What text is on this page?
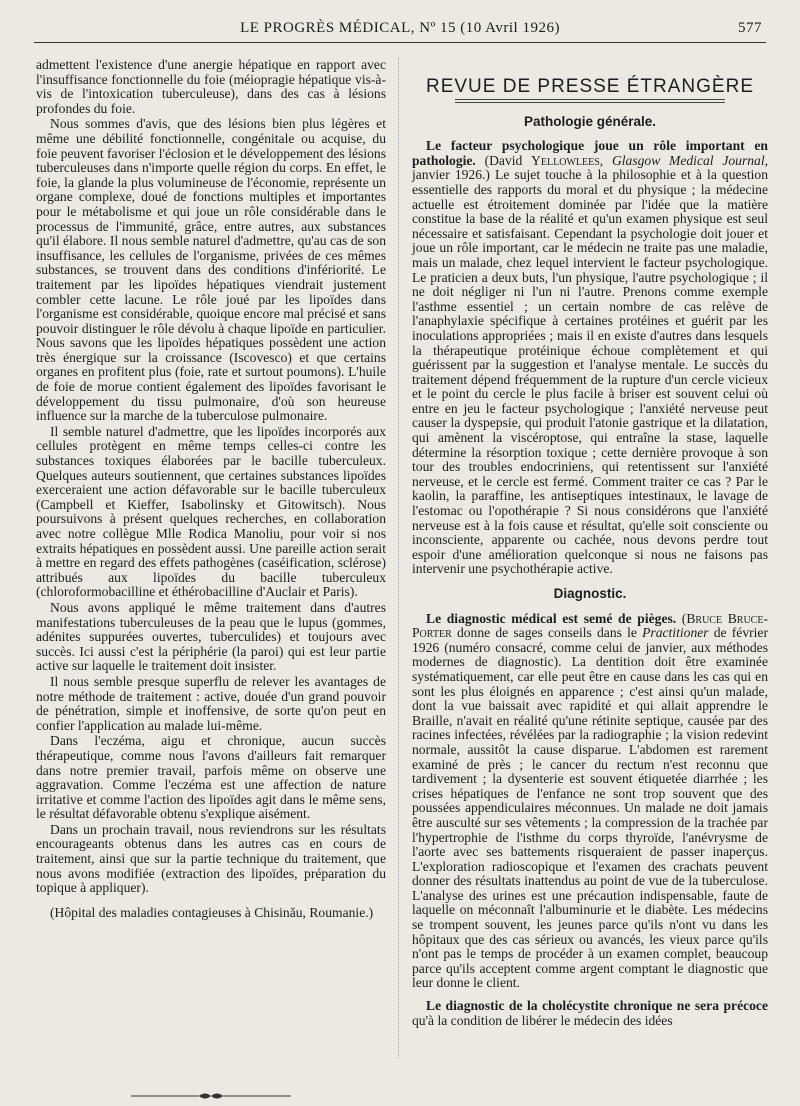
LE PROGRÈS MÉDICAL, Nº 15 (10 Avril 1926)	577

admettent l'existence d'une anergie hépatique en rapport avec l'insuffisance fonctionnelle du foie (méiopragie hépatique vis-à-vis de l'intoxication tuberculeuse), dans des cas à lésions profondes du foie.

Nous sommes d'avis, que des lésions bien plus légères et même une débilité fonctionnelle, congénitale ou acquise, du foie peuvent favoriser l'éclosion et le développement des lésions tuberculeuses dans n'importe quelle région du corps. En effet, le foie, la glande la plus volumineuse de l'économie, représente un organe complexe, doué de fonctions multiples et importantes pour le métabolisme et qui joue un rôle considérable dans le processus de l'immunité, grâce, entre autres, aux substances qu'il élabore. Il nous semble naturel d'admettre, qu'au cas de son insuffisance, les cellules de l'organisme, privées de ces mêmes substances, se trouvent dans des conditions d'infériorité. Le traitement par les lipoïdes hépatiques viendrait justement combler cette lacune. Le rôle joué par les lipoïdes dans l'organisme est considérable, quoique encore mal précisé et sans pouvoir distinguer le rôle dévolu à chaque lipoïde en particulier. Nous savons que les lipoïdes hépatiques possèdent une action très énergique sur la croissance (Iscovesco) et que certains organes en profitent plus (foie, rate et surtout poumons). L'huile de foie de morue contient également des lipoïdes favorisant le développement du tissu pulmonaire, d'où son heureuse influence sur la marche de la tuberculose pulmonaire.

Il semble naturel d'admettre, que les lipoïdes incorporés aux cellules protègent en même temps celles-ci contre les substances toxiques élaborées par le bacille tuberculeux. Quelques auteurs soutiennent, que certaines substances lipoïdes exerceraient une action défavorable sur le bacille tuberculeux (Campbell et Kieffer, Isabolinsky et Gitowitsch). Nous poursuivons à présent quelques recherches, en collaboration avec notre collègue Mlle Rodica Manoliu, pour voir si nos extraits hépatiques en possèdent aussi. Une pareille action serait à mettre en regard des effets pathogènes (caséification, sclérose) attribués aux lipoïdes du bacille tuberculeux (chloroformobacilline et éthérobacilline d'Auclair et Paris).

Nous avons appliqué le même traitement dans d'autres manifestations tuberculeuses de la peau que le lupus (gommes, adénites suppurées ouvertes, tuberculides) et toujours avec succès. Ici aussi c'est la périphérie (la paroi) qui est leur partie active sur laquelle le traitement doit insister.

Il nous semble presque superflu de relever les avantages de notre méthode de traitement : active, douée d'un grand pouvoir de pénétration, simple et inoffensive, de sorte qu'on peut en confier l'application au malade lui-même.

Dans l'eczéma, aigu et chronique, aucun succès thérapeutique, comme nous l'avons d'ailleurs fait remarquer dans notre premier travail, parfois même on observe une aggravation. Comme l'eczéma est une affection de nature irritative et comme l'action des lipoïdes agit dans le même sens, le résultat défavorable obtenu s'explique aisément.

Dans un prochain travail, nous reviendrons sur les résultats encourageants obtenus dans les autres cas en cours de traitement, ainsi que sur la partie technique du traitement, que nous avons modifiée (extraction des lipoïdes, préparation du topique à appliquer).

(Hôpital des maladies contagieuses à Chisinău, Roumanie.)

REVUE DE PRESSE ÉTRANGÈRE
Pathologie générale.

Le facteur psychologique joue un rôle important en pathologie. (David Yellowlees, Glasgow Medical Journal, janvier 1926.) Le sujet touche à la philosophie et à la question essentielle des rapports du moral et du physique ; la médecine actuelle est étroitement dominée par l'idée que la matière constitue la base de la réalité et qu'un examen physique est seul nécessaire et satisfaisant. Cependant la psychologie doit jouer et joue un rôle important, car le médecin ne traite pas une maladie, mais un malade, chez lequel intervient le facteur psychologique. Le praticien a deux buts, l'un physique, l'autre psychologique ; il ne doit négliger ni l'un ni l'autre. Prenons comme exemple l'asthme essentiel ; un certain nombre de cas relève de l'anaphylaxie spécifique à certaines protéines et guérit par les inoculations appropriées ; mais il en existe d'autres dans lesquels la thérapeutique protéinique échoue complètement et qui guérissent par la suggestion et l'analyse mentale. Le succès du traitement dépend fréquemment de la rupture d'un cercle vicieux et le point du cercle le plus facile à briser est souvent celui où entre en jeu le facteur psychologique ; l'anxiété nerveuse peut causer la dyspepsie, qui produit l'atonie gastrique et la dilatation, qui amènent la viscéroptose, qui entraîne la stase, laquelle détermine la résorption toxique ; cette dernière provoque à son tour des troubles endocriniens, qui retentissent sur l'anxiété nerveuse, et le cercle est fermé. Comment traiter ce cas ? Par le kaolin, la paraffine, les antiseptiques intestinaux, le lavage de l'estomac ou l'opothérapie ? Si nous considérons que l'anxiété nerveuse est à la fois cause et résultat, qu'elle soit consciente ou inconsciente, apparente ou cachée, nous devons perdre tout espoir d'une amélioration quelconque si nous ne faisons pas intervenir une psychothérapie active.

Diagnostic.

Le diagnostic médical est semé de pièges. (Bruce Bruce-Porter donne de sages conseils dans le Practitioner de février 1926 (numéro consacré, comme celui de janvier, aux méthodes modernes de diagnostic). La dentition doit être examinée systématiquement, car elle peut être en cause dans les cas qui en sont les plus éloignés en apparence ; c'est ainsi qu'un malade, dont la vue baissait avec rapidité et qui allait apprendre le Braille, n'avait en réalité qu'une rétinite septique, causée par des racines infectées, révélées par la radiographie ; la vision redevint normale, aussitôt la cause disparue. L'abdomen est rarement examiné de près ; le cancer du rectum n'est reconnu que tardivement ; la dysenterie est souvent étiquetée diarrhée ; les crises hépatiques de l'enfance ne sont trop souvent que des poussées appendiculaires méconnues. Un malade ne doit jamais être ausculté sur ses vêtements ; la compression de la trachée par l'hypertrophie de l'isthme du corps thyroïde, l'anévrysme de l'aorte avec ses battements risqueraient de passer inaperçus. L'exploration radioscopique et l'examen des crachats peuvent donner des résultats inattendus au point de vue de la tuberculose. L'analyse des urines est une précaution indispensable, faute de laquelle on méconnaît l'albuminurie et le diabète. Les médecins se trompent souvent, les jeunes parce qu'ils n'ont vu dans les hôpitaux que des cas sérieux ou avancés, les vieux parce qu'ils n'ont pas le temps de procéder à un examen complet, beaucoup parce qu'ils acceptent comme argent comptant le diagnostic que leur donne le client.

Le diagnostic de la cholécystite chronique ne sera précoce qu'à la condition de libérer le médecin des idées
